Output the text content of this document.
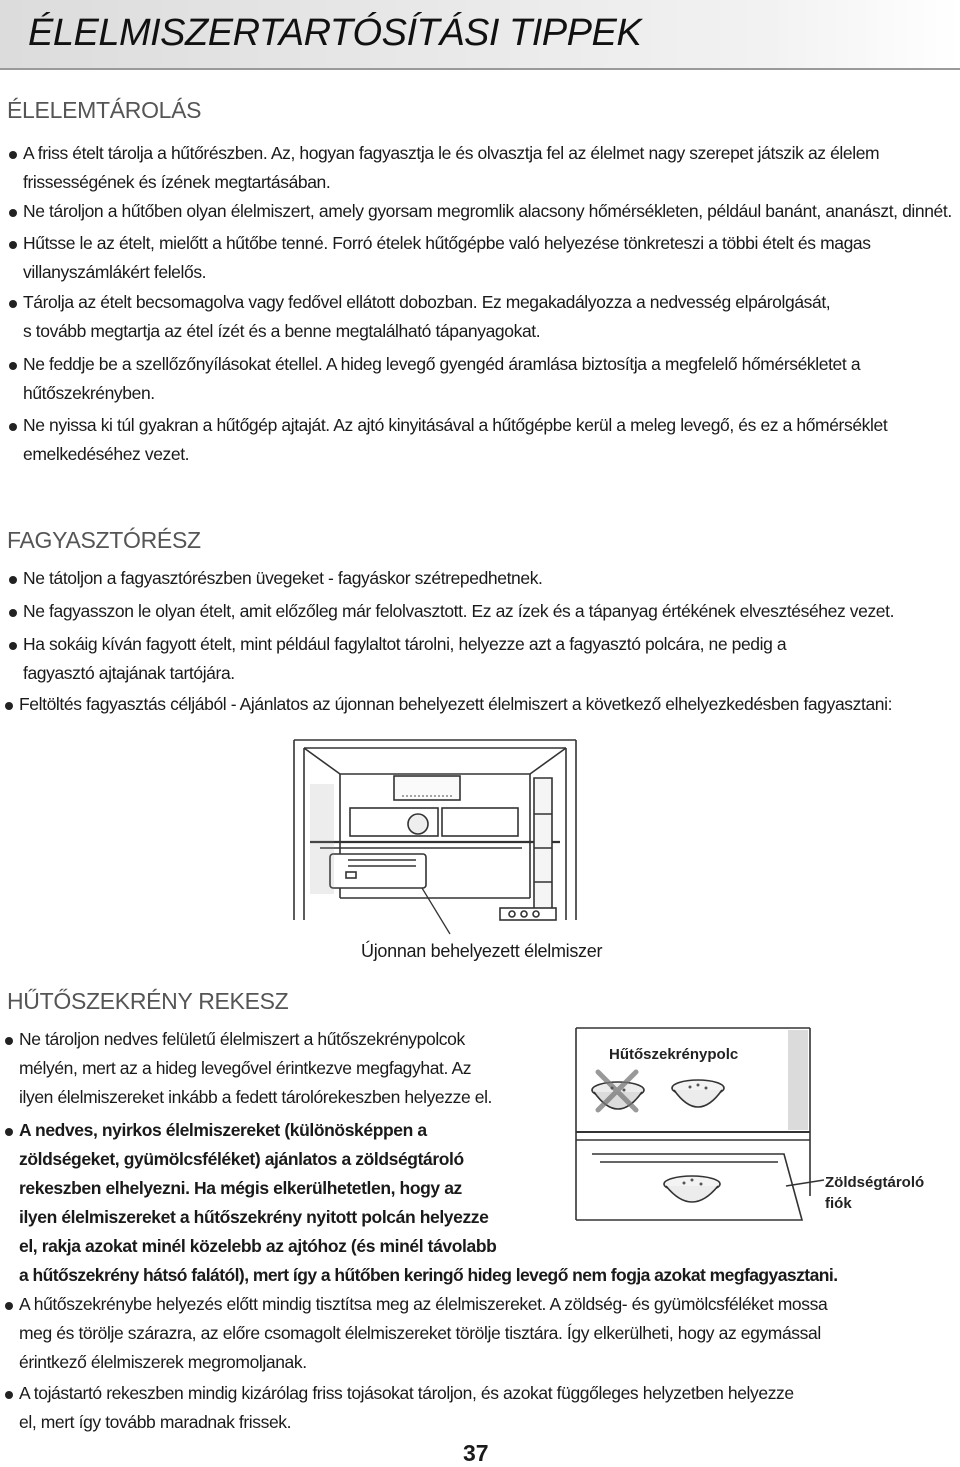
ÉLELMISZERTARTÓSÍTÁSI TIPPEK
ÉLELEMTÁROLÁS
A friss ételt tárolja a hűtőrészben. Az, hogyan fagyasztja le és olvasztja fel az élelmet nagy szerepet játszik az élelem
frissességének és ízének megtartásában.
Ne tároljon a hűtőben olyan élelmiszert, amely gyorsam megromlik alacsony hőmérsékleten, például banánt, ananászt, dinnét.
Hűtsse le az ételt, mielőtt a hűtőbe tenné. Forró ételek hűtőgépbe való helyezése tönkreteszi a többi ételt és magas
villanyszámlákért felelős.
Tárolja az ételt becsomagolva vagy fedővel ellátott dobozban. Ez megakadályozza a nedvesség elpárolgását,
s tovább megtartja az étel ízét és a benne megtalálható tápanyagokat.
Ne feddje be a szellőzőnyílásokat étellel. A hideg levegő gyengéd áramlása biztosítja a megfelelő hőmérsékletet a
hűtőszekrényben.
Ne nyissa ki túl gyakran a hűtőgép ajtaját. Az ajtó kinyitásával a hűtőgépbe kerül a meleg levegő, és ez a hőmérséklet
emelkedéséhez vezet.
FAGYASZTÓRÉSZ
Ne tátoljon a fagyasztórészben üvegeket - fagyáskor szétrepedhetnek.
Ne fagyasszon le olyan ételt, amit előzőleg már felolvasztott. Ez az ízek és a tápanyag értékének elvesztéséhez vezet.
Ha sokáig kíván fagyott ételt, mint például fagylaltot tárolni, helyezze azt a fagyasztó polcára, ne pedig a
fagyasztó ajtajának tartójára.
Feltöltés fagyasztás céljából - Ajánlatos az újonnan behelyezett élelmiszert a következő elhelyezkedésben fagyasztani:
Újonnan behelyezett élelmiszer
HŰTŐSZEKRÉNY REKESZ
Ne tároljon nedves felületű élelmiszert a hűtőszekrénypolcok
mélyén, mert az a hideg levegővel érintkezve megfagyhat. Az
ilyen élelmiszereket inkább a fedett tárolórekeszben helyezze el.
A nedves, nyirkos élelmiszereket (különösképpen a
zöldségeket, gyümölcsféléket) ajánlatos a zöldségtároló
rekeszben elhelyezni. Ha mégis elkerülhetetlen, hogy az
ilyen élelmiszereket a hűtőszekrény nyitott polcán helyezze
el, rakja azokat minél közelebb az ajtóhoz (és minél távolabb
a hűtőszekrény hátsó falától), mert így a hűtőben keringő hideg levegő nem fogja azokat megfagyasztani.
A hűtőszekrénybe helyezés előtt mindig tisztítsa meg az élelmiszereket. A zöldség- és gyümölcsféléket mossa
meg és törölje szárazra, az előre csomagolt élelmiszereket törölje tisztára. Így elkerülheti, hogy az egymással
érintkező élelmiszerek megromoljanak.
A tojástartó rekeszben mindig kizárólag friss tojásokat tároljon, és azokat függőleges helyzetben helyezze
el, mert így tovább maradnak frissek.
Hűtőszekrénypolc
Zöldségtároló
fiók
37
